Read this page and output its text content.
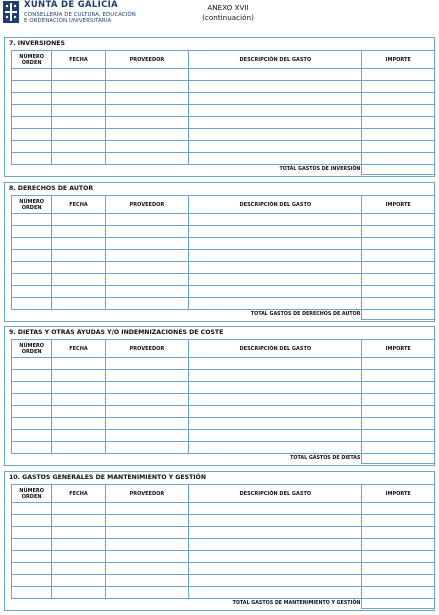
XUNTA DE GALICIA
CONSELLERÍA DE CULTURA, EDUCACIÓN
E ORDENACIÓN UNIVERSITARIA
ANEXO XVII
(continuación)
7. INVERSIONES
NÚMERO ORDEN	FECHA	PROVEEDOR	DESCRIPCIÓN DEL GASTO	IMPORTE

TOTAL GASTOS DE INVERSIÓN				
8. DERECHOS DE AUTOR
NÚMERO ORDEN	FECHA	PROVEEDOR	DESCRIPCIÓN DEL GASTO	IMPORTE

TOTAL GASTOS DE DERECHOS DE AUTOR				
9. DIETAS Y OTRAS AYUDAS Y/O INDEMNIZACIONES DE COSTE
NÚMERO ORDEN	FECHA	PROVEEDOR	DESCRIPCIÓN DEL GASTO	IMPORTE

TOTAL GASTOS DE DIETAS				
10. GASTOS GENERALES DE MANTENIMIENTO Y GESTIÓN
NÚMERO ORDEN	FECHA	PROVEEDOR	DESCRIPCIÓN DEL GASTO	IMPORTE

TOTAL GASTOS DE MANTENIMIENTO Y GESTIÓN				
